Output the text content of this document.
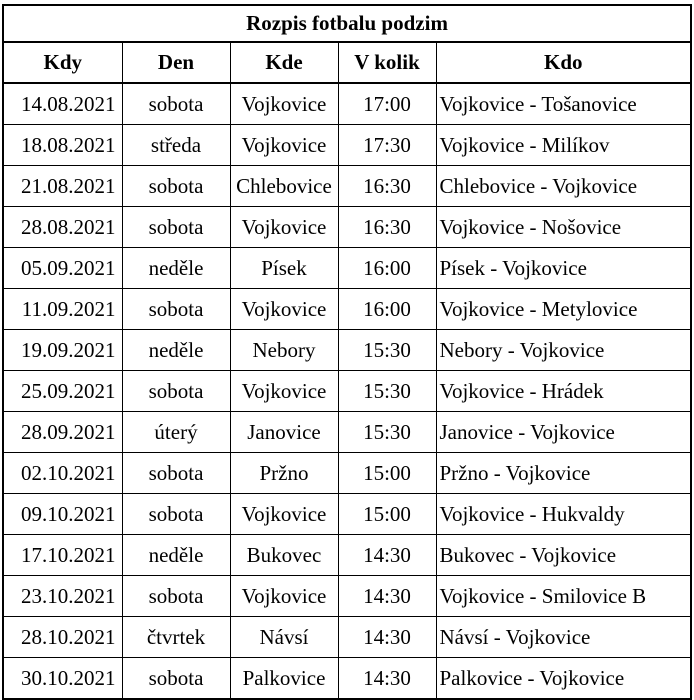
Rozpis fotbalu podzim				
Kdy	Den	Kde	V kolik	Kdo
14.08.2021	sobota	Vojkovice	17:00	Vojkovice - Tošanovice
18.08.2021	středa	Vojkovice	17:30	Vojkovice - Milíkov
21.08.2021	sobota	Chlebovice	16:30	Chlebovice - Vojkovice
28.08.2021	sobota	Vojkovice	16:30	Vojkovice - Nošovice
05.09.2021	neděle	Písek	16:00	Písek - Vojkovice
11.09.2021	sobota	Vojkovice	16:00	Vojkovice - Metylovice
19.09.2021	neděle	Nebory	15:30	Nebory - Vojkovice
25.09.2021	sobota	Vojkovice	15:30	Vojkovice - Hrádek
28.09.2021	úterý	Janovice	15:30	Janovice - Vojkovice
02.10.2021	sobota	Pržno	15:00	Pržno - Vojkovice
09.10.2021	sobota	Vojkovice	15:00	Vojkovice - Hukvaldy
17.10.2021	neděle	Bukovec	14:30	Bukovec - Vojkovice
23.10.2021	sobota	Vojkovice	14:30	Vojkovice - Smilovice B
28.10.2021	čtvrtek	Návsí	14:30	Návsí - Vojkovice
30.10.2021	sobota	Palkovice	14:30	Palkovice - Vojkovice
